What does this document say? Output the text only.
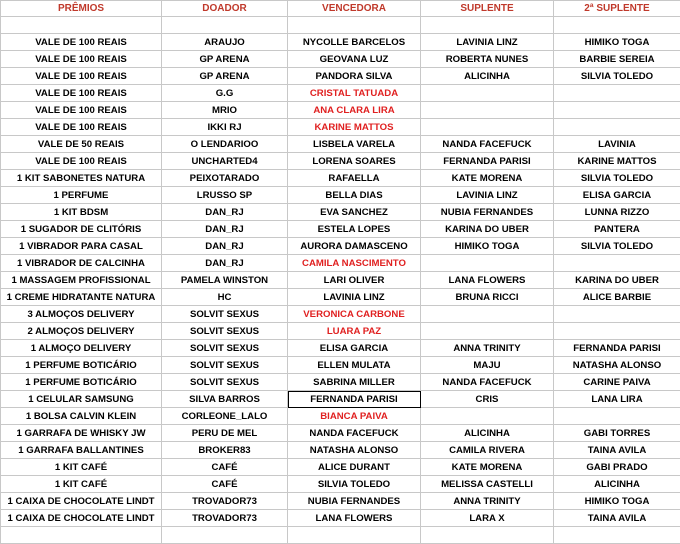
PRÊMIOS	DOADOR	VENCEDORA	SUPLENTE	2ª SUPLENTE

VALE DE 100 REAIS	ARAUJO	NYCOLLE BARCELOS	LAVINIA LINZ	HIMIKO TOGA
VALE DE 100 REAIS	GP ARENA	GEOVANA LUZ	ROBERTA NUNES	BARBIE SEREIA
VALE DE 100 REAIS	GP ARENA	PANDORA SILVA	ALICINHA	SILVIA TOLEDO
VALE DE 100 REAIS	G.G	CRISTAL TATUADA		
VALE DE 100 REAIS	MRIO	ANA CLARA LIRA		
VALE DE 100 REAIS	IKKI RJ	KARINE MATTOS		
VALE DE 50 REAIS	O LENDARIOO	LISBELA VARELA	NANDA FACEFUCK	LAVINIA
VALE DE 100 REAIS	UNCHARTED4	LORENA SOARES	FERNANDA PARISI	KARINE MATTOS
1 KIT SABONETES NATURA	PEIXOTARADO	RAFAELLA	KATE MORENA	SILVIA TOLEDO
1 PERFUME	LRUSSO SP	BELLA DIAS	LAVINIA LINZ	ELISA GARCIA
1 KIT BDSM	DAN_RJ	EVA SANCHEZ	NUBIA FERNANDES	LUNNA RIZZO
1 SUGADOR DE CLITÓRIS	DAN_RJ	ESTELA LOPES	KARINA DO UBER	PANTERA
1 VIBRADOR PARA CASAL	DAN_RJ	AURORA DAMASCENO	HIMIKO TOGA	SILVIA TOLEDO
1 VIBRADOR DE CALCINHA	DAN_RJ	CAMILA NASCIMENTO		
1 MASSAGEM PROFISSIONAL	PAMELA WINSTON	LARI OLIVER	LANA FLOWERS	KARINA DO UBER
1 CREME HIDRATANTE NATURA	HC	LAVINIA LINZ	BRUNA RICCI	ALICE BARBIE
3 ALMOÇOS DELIVERY	SOLVIT SEXUS	VERONICA CARBONE		
2 ALMOÇOS DELIVERY	SOLVIT SEXUS	LUARA PAZ		
1 ALMOÇO DELIVERY	SOLVIT SEXUS	ELISA GARCIA	ANNA TRINITY	FERNANDA PARISI
1 PERFUME BOTICÁRIO	SOLVIT SEXUS	ELLEN MULATA	MAJU	NATASHA ALONSO
1 PERFUME BOTICÁRIO	SOLVIT SEXUS	SABRINA MILLER	NANDA FACEFUCK	CARINE PAIVA
1 CELULAR SAMSUNG	SILVA BARROS	FERNANDA PARISI	CRIS	LANA LIRA
1 BOLSA CALVIN KLEIN	CORLEONE_LALO	BIANCA PAIVA		
1 GARRAFA DE WHISKY JW	PERU DE MEL	NANDA FACEFUCK	ALICINHA	GABI TORRES
1 GARRAFA BALLANTINES	BROKER83	NATASHA ALONSO	CAMILA RIVERA	TAINA AVILA
1 KIT CAFÉ	CAFÉ	ALICE DURANT	KATE MORENA	GABI PRADO
1 KIT CAFÉ	CAFÉ	SILVIA TOLEDO	MELISSA CASTELLI	ALICINHA
1 CAIXA DE CHOCOLATE LINDT	TROVADOR73	NUBIA FERNANDES	ANNA TRINITY	HIMIKO TOGA
1 CAIXA DE CHOCOLATE LINDT	TROVADOR73	LANA FLOWERS	LARA X	TAINA AVILA
